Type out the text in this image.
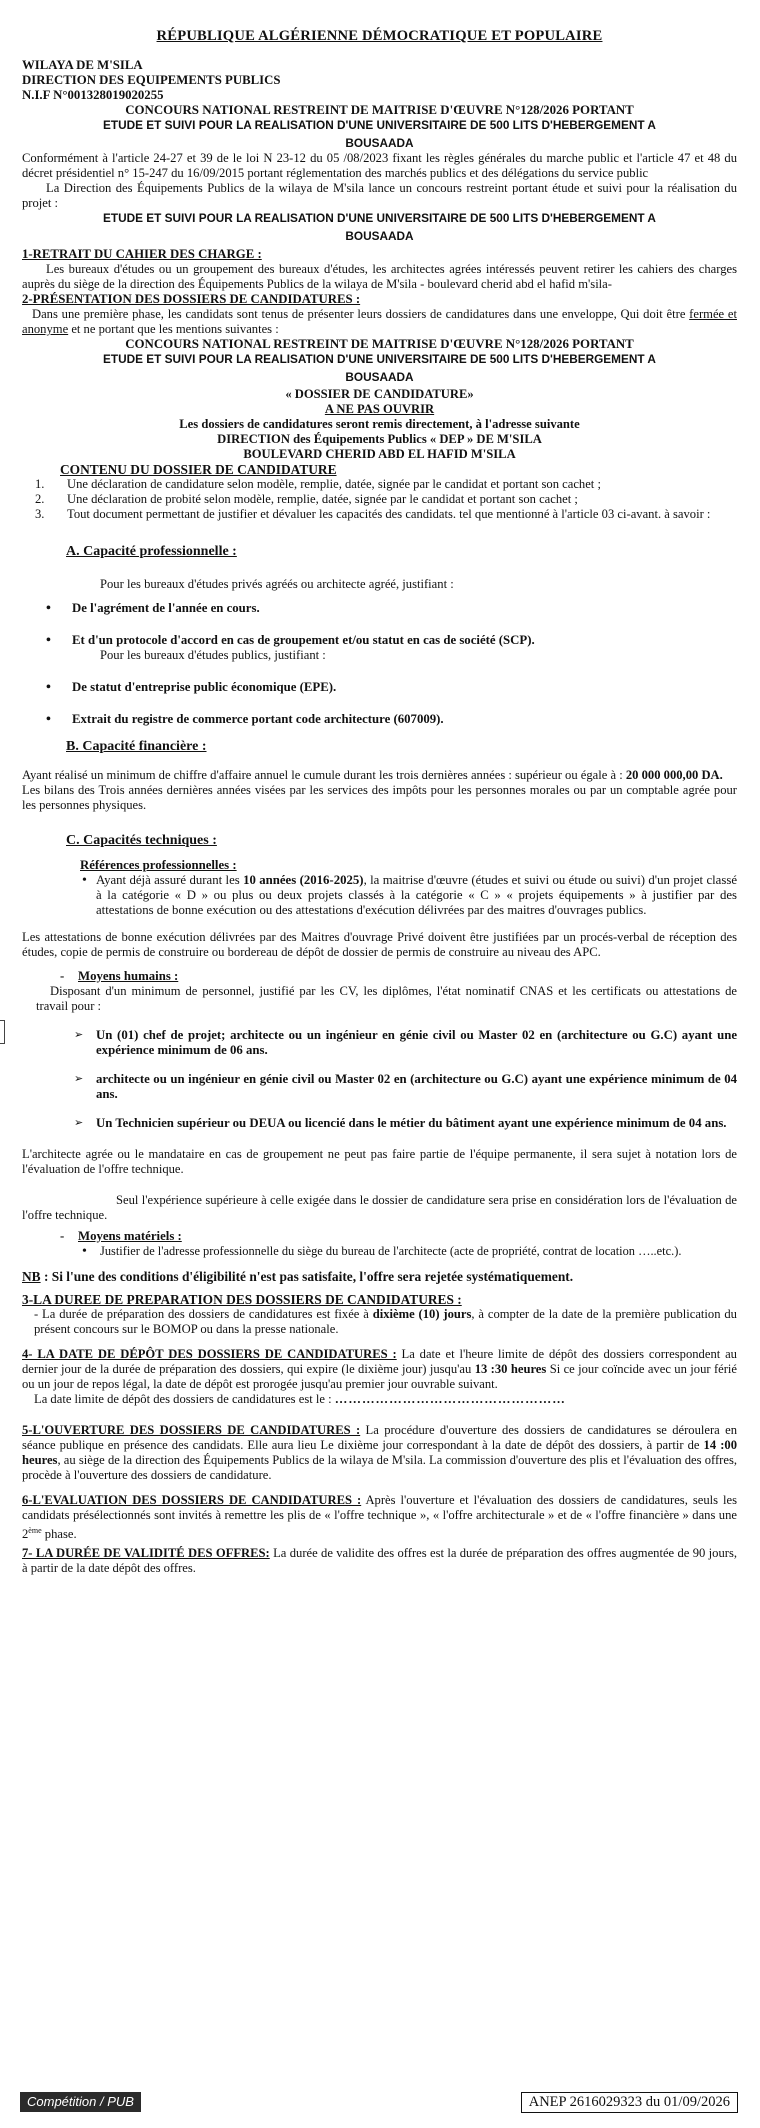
RÉPUBLIQUE ALGÉRIENNE DÉMOCRATIQUE ET POPULAIRE

WILAYA DE M'SILA
DIRECTION DES EQUIPEMENTS PUBLICS
N.I.F N°001328019020255

CONCOURS NATIONAL RESTREINT DE MAITRISE D'ŒUVRE N°128/2026 PORTANT

ETUDE ET SUIVI POUR LA REALISATION D'UNE UNIVERSITAIRE DE 500 LITS D'HEBERGEMENT A

BOUSAADA

Conformément à l'article 24-27 et 39 de le loi N 23-12 du 05 /08/2023 fixant les règles générales du marche public et l'article 47 et 48 du décret présidentiel n° 15-247 du 16/09/2015 portant réglementation des marchés publics et des délégations du service public

La Direction des Équipements Publics de la wilaya de M'sila lance un concours restreint portant étude et suivi pour la réalisation du projet :

ETUDE ET SUIVI POUR LA REALISATION D'UNE UNIVERSITAIRE DE 500 LITS D'HEBERGEMENT A

BOUSAADA

1-RETRAIT DU CAHIER DES CHARGE :

Les bureaux d'études ou un groupement des bureaux d'études, les architectes agrées intéressés peuvent retirer les cahiers des charges auprès du siège de la direction des Équipements Publics de la wilaya de M'sila - boulevard cherid abd el hafid m'sila-

2-PRÉSENTATION DES DOSSIERS DE CANDIDATURES :

Dans une première phase, les candidats sont tenus de présenter leurs dossiers de candidatures dans une enveloppe, Qui doit être fermée et anonyme et ne portant que les mentions suivantes :

CONCOURS NATIONAL RESTREINT DE MAITRISE D'ŒUVRE N°128/2026 PORTANT

ETUDE ET SUIVI POUR LA REALISATION D'UNE UNIVERSITAIRE DE 500 LITS D'HEBERGEMENT A

BOUSAADA

« DOSSIER DE CANDIDATURE»

A NE PAS OUVRIR

Les dossiers de candidatures seront remis directement, à l'adresse suivante

DIRECTION des Équipements Publics « DEP » DE M'SILA

BOULEVARD CHERID ABD EL HAFID M'SILA

CONTENU DU DOSSIER DE CANDIDATURE

1. Une déclaration de candidature selon modèle, remplie, datée, signée par le candidat et portant son cachet ;
2. Une déclaration de probité selon modèle, remplie, datée, signée par le candidat et portant son cachet ;
3. Tout document permettant de justifier et dévaluer les capacités des candidats. tel que mentionné à l'article 03 ci-avant. à savoir :

A. Capacité professionnelle :

Pour les bureaux d'études privés agréés ou architecte agréé, justifiant :

• De l'agrément de l'année en cours.
• Et d'un protocole d'accord en cas de groupement et/ou statut en cas de société (SCP).

Pour les bureaux d'études publics, justifiant :

• De statut d'entreprise public économique (EPE).
• Extrait du registre de commerce portant code architecture (607009).

B. Capacité financière :

Ayant réalisé un minimum de chiffre d'affaire annuel le cumule durant les trois dernières années : supérieur ou égale à : 20 000 000,00 DA.

Les bilans des Trois années dernières années visées par les services des impôts pour les personnes morales ou par un comptable agrée pour les personnes physiques.

C. Capacités techniques :

Références professionnelles :

• Ayant déjà assuré durant les 10 années (2016-2025), la maitrise d'œuvre (études et suivi ou étude ou suivi) d'un projet classé à la catégorie « D » ou plus ou deux projets classés à la catégorie « C » « projets équipements » à justifier par des attestations de bonne exécution ou des attestations d'exécution délivrées par des maitres d'ouvrages publics.

Les attestations de bonne exécution délivrées par des Maitres d'ouvrage Privé doivent être justifiées par un procés-verbal de réception des études, copie de permis de construire ou bordereau de dépôt de dossier de permis de construire au niveau des APC.

- Moyens humains :

Disposant d'un minimum de personnel, justifié par les CV, les diplômes, l'état nominatif CNAS et les certificats ou attestations de travail pour :

➢ Un (01) chef de projet; architecte ou un ingénieur en génie civil ou Master 02 en (architecture ou G.C) ayant une expérience minimum de 06 ans.
➢ architecte ou un ingénieur en génie civil ou Master 02 en (architecture ou G.C) ayant une expérience minimum de 04 ans.
➢ Un Technicien supérieur ou DEUA ou licencié dans le métier du bâtiment ayant une expérience minimum de 04 ans.

L'architecte agrée ou le mandataire en cas de groupement ne peut pas faire partie de l'équipe permanente, il sera sujet à notation lors de l'évaluation de l'offre technique.

Seul l'expérience supérieure à celle exigée dans le dossier de candidature sera prise en considération lors de l'évaluation de l'offre technique.

- Moyens matériels :

• Justifier de l'adresse professionnelle du siège du bureau de l'architecte (acte de propriété, contrat de location …..etc.).

NB : Si l'une des conditions d'éligibilité n'est pas satisfaite, l'offre sera rejetée systématiquement.

3-LA DUREE DE PREPARATION DES DOSSIERS DE CANDIDATURES :

- La durée de préparation des dossiers de candidatures est fixée à dixième (10) jours, à compter de la date de la première publication du présent concours sur le BOMOP ou dans la presse nationale.

4- LA DATE DE DÉPÔT DES DOSSIERS DE CANDIDATURES : La date et l'heure limite de dépôt des dossiers correspondent au dernier jour de la durée de préparation des dossiers, qui expire (le dixième jour) jusqu'au 13 :30 heures Si ce jour coïncide avec un jour férié ou un jour de repos légal, la date de dépôt est prorogée jusqu'au premier jour ouvrable suivant.

La date limite de dépôt des dossiers de candidatures est le : ……………………………………………

5-L'OUVERTURE DES DOSSIERS DE CANDIDATURES : La procédure d'ouverture des dossiers de candidatures se déroulera en séance publique en présence des candidats. Elle aura lieu Le dixième jour correspondant à la date de dépôt des dossiers, à partir de 14 :00 heures, au siège de la direction des Équipements Publics de la wilaya de M'sila. La commission d'ouverture des plis et l'évaluation des offres, procède à l'ouverture des dossiers de candidature.

6-L'EVALUATION DES DOSSIERS DE CANDIDATURES : Après l'ouverture et l'évaluation des dossiers de candidatures, seuls les candidats présélectionnés sont invités à remettre les plis de « l'offre technique », « l'offre architecturale » et de « l'offre financière » dans une 2ème phase.

7- LA DURÉE DE VALIDITÉ DES OFFRES: La durée de validite des offres est la durée de préparation des offres augmentée de 90 jours, à partir de la date dépôt des offres.

Compétition / PUB	ANEP 2616029323 du 01/09/2026
